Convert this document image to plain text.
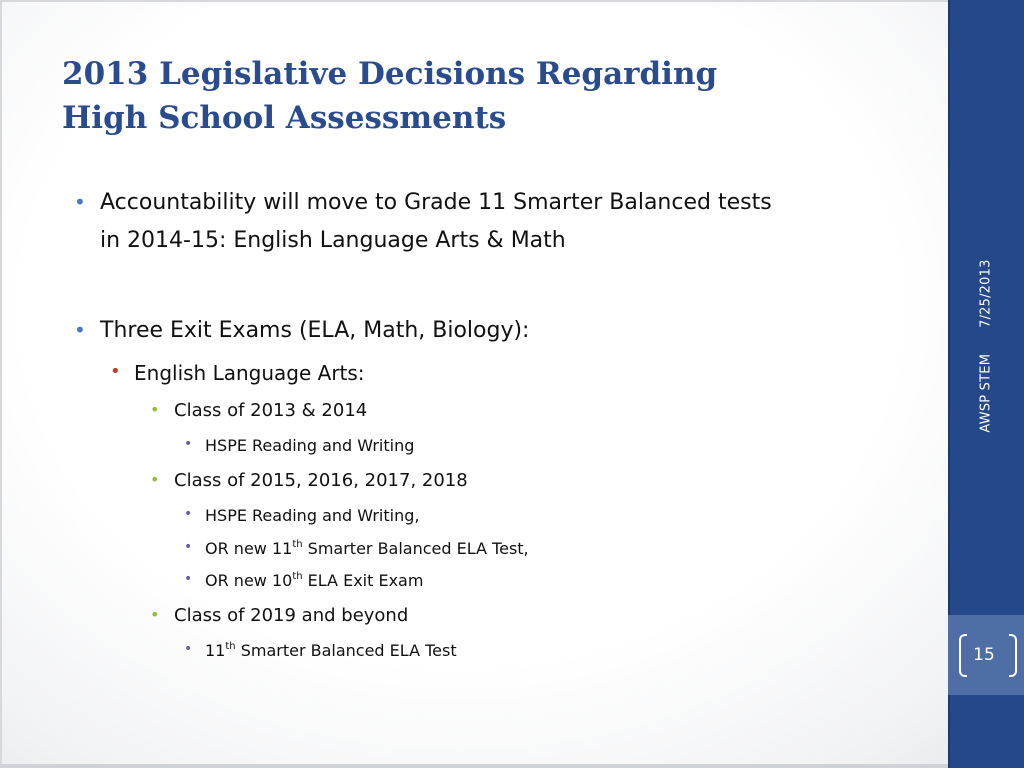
AWSP STEM7/25/2013
15
2013 Legislative Decisions Regarding
High School Assessments
• Accountability will move to Grade 11 Smarter Balanced tests
in 2014-15: English Language Arts & Math
• Three Exit Exams (ELA, Math, Biology):
• English Language Arts:
• Class of 2013 & 2014
• HSPE Reading and Writing
• Class of 2015, 2016, 2017, 2018
• HSPE Reading and Writing,
• OR new 11th Smarter Balanced ELA Test,
• OR new 10th ELA Exit Exam
• Class of 2019 and beyond
• 11th Smarter Balanced ELA Test
